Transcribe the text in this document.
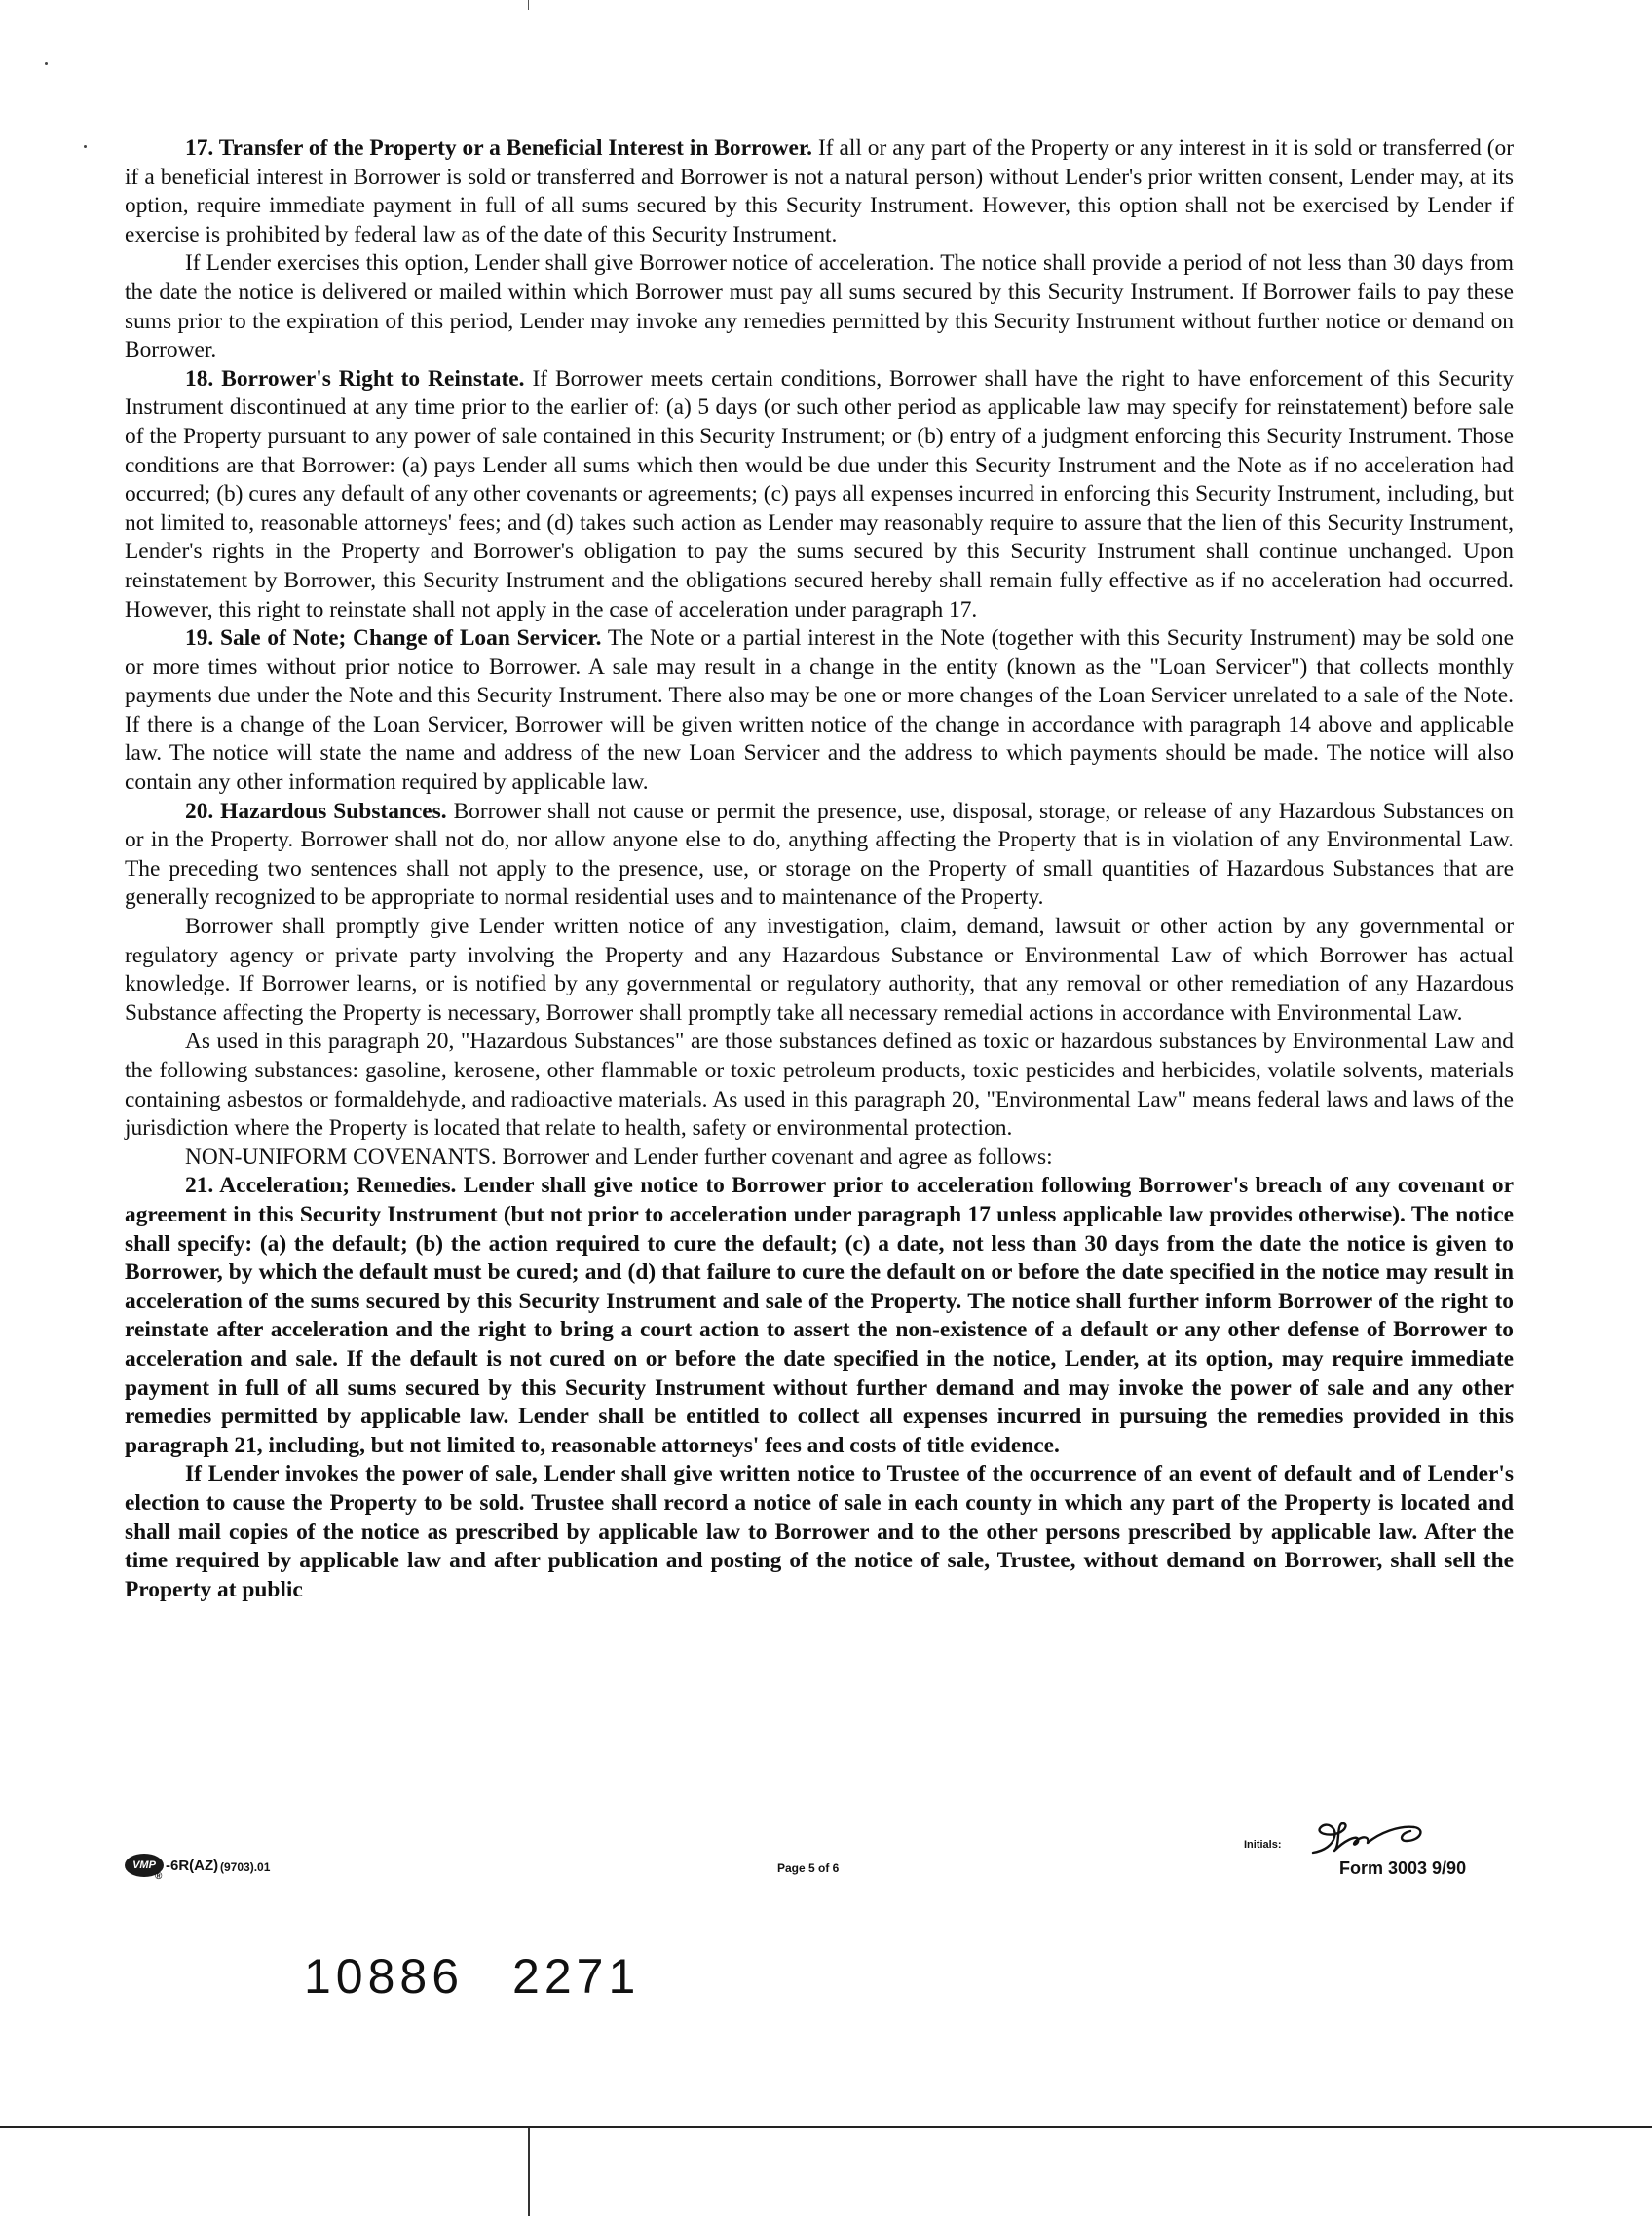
17. Transfer of the Property or a Beneficial Interest in Borrower. If all or any part of the Property or any interest in it is sold or transferred (or if a beneficial interest in Borrower is sold or transferred and Borrower is not a natural person) without Lender's prior written consent, Lender may, at its option, require immediate payment in full of all sums secured by this Security Instrument. However, this option shall not be exercised by Lender if exercise is prohibited by federal law as of the date of this Security Instrument.

If Lender exercises this option, Lender shall give Borrower notice of acceleration. The notice shall provide a period of not less than 30 days from the date the notice is delivered or mailed within which Borrower must pay all sums secured by this Security Instrument. If Borrower fails to pay these sums prior to the expiration of this period, Lender may invoke any remedies permitted by this Security Instrument without further notice or demand on Borrower.

18. Borrower's Right to Reinstate. If Borrower meets certain conditions, Borrower shall have the right to have enforcement of this Security Instrument discontinued at any time prior to the earlier of: (a) 5 days (or such other period as applicable law may specify for reinstatement) before sale of the Property pursuant to any power of sale contained in this Security Instrument; or (b) entry of a judgment enforcing this Security Instrument. Those conditions are that Borrower: (a) pays Lender all sums which then would be due under this Security Instrument and the Note as if no acceleration had occurred; (b) cures any default of any other covenants or agreements; (c) pays all expenses incurred in enforcing this Security Instrument, including, but not limited to, reasonable attorneys' fees; and (d) takes such action as Lender may reasonably require to assure that the lien of this Security Instrument, Lender's rights in the Property and Borrower's obligation to pay the sums secured by this Security Instrument shall continue unchanged. Upon reinstatement by Borrower, this Security Instrument and the obligations secured hereby shall remain fully effective as if no acceleration had occurred. However, this right to reinstate shall not apply in the case of acceleration under paragraph 17.

19. Sale of Note; Change of Loan Servicer. The Note or a partial interest in the Note (together with this Security Instrument) may be sold one or more times without prior notice to Borrower. A sale may result in a change in the entity (known as the "Loan Servicer") that collects monthly payments due under the Note and this Security Instrument. There also may be one or more changes of the Loan Servicer unrelated to a sale of the Note. If there is a change of the Loan Servicer, Borrower will be given written notice of the change in accordance with paragraph 14 above and applicable law. The notice will state the name and address of the new Loan Servicer and the address to which payments should be made. The notice will also contain any other information required by applicable law.

20. Hazardous Substances. Borrower shall not cause or permit the presence, use, disposal, storage, or release of any Hazardous Substances on or in the Property. Borrower shall not do, nor allow anyone else to do, anything affecting the Property that is in violation of any Environmental Law. The preceding two sentences shall not apply to the presence, use, or storage on the Property of small quantities of Hazardous Substances that are generally recognized to be appropriate to normal residential uses and to maintenance of the Property.

Borrower shall promptly give Lender written notice of any investigation, claim, demand, lawsuit or other action by any governmental or regulatory agency or private party involving the Property and any Hazardous Substance or Environmental Law of which Borrower has actual knowledge. If Borrower learns, or is notified by any governmental or regulatory authority, that any removal or other remediation of any Hazardous Substance affecting the Property is necessary, Borrower shall promptly take all necessary remedial actions in accordance with Environmental Law.

As used in this paragraph 20, "Hazardous Substances" are those substances defined as toxic or hazardous substances by Environmental Law and the following substances: gasoline, kerosene, other flammable or toxic petroleum products, toxic pesticides and herbicides, volatile solvents, materials containing asbestos or formaldehyde, and radioactive materials. As used in this paragraph 20, "Environmental Law" means federal laws and laws of the jurisdiction where the Property is located that relate to health, safety or environmental protection.

NON-UNIFORM COVENANTS. Borrower and Lender further covenant and agree as follows:

21. Acceleration; Remedies. Lender shall give notice to Borrower prior to acceleration following Borrower's breach of any covenant or agreement in this Security Instrument (but not prior to acceleration under paragraph 17 unless applicable law provides otherwise). The notice shall specify: (a) the default; (b) the action required to cure the default; (c) a date, not less than 30 days from the date the notice is given to Borrower, by which the default must be cured; and (d) that failure to cure the default on or before the date specified in the notice may result in acceleration of the sums secured by this Security Instrument and sale of the Property. The notice shall further inform Borrower of the right to reinstate after acceleration and the right to bring a court action to assert the non-existence of a default or any other defense of Borrower to acceleration and sale. If the default is not cured on or before the date specified in the notice, Lender, at its option, may require immediate payment in full of all sums secured by this Security Instrument without further demand and may invoke the power of sale and any other remedies permitted by applicable law. Lender shall be entitled to collect all expenses incurred in pursuing the remedies provided in this paragraph 21, including, but not limited to, reasonable attorneys' fees and costs of title evidence.

If Lender invokes the power of sale, Lender shall give written notice to Trustee of the occurrence of an event of default and of Lender's election to cause the Property to be sold. Trustee shall record a notice of sale in each county in which any part of the Property is located and shall mail copies of the notice as prescribed by applicable law to Borrower and to the other persons prescribed by applicable law. After the time required by applicable law and after publication and posting of the notice of sale, Trustee, without demand on Borrower, shall sell the Property at public

VMP
®
-6R(AZ) (9703).01	Page 5 of 6
Initials:
Form 3003 9/90
10886 2271
